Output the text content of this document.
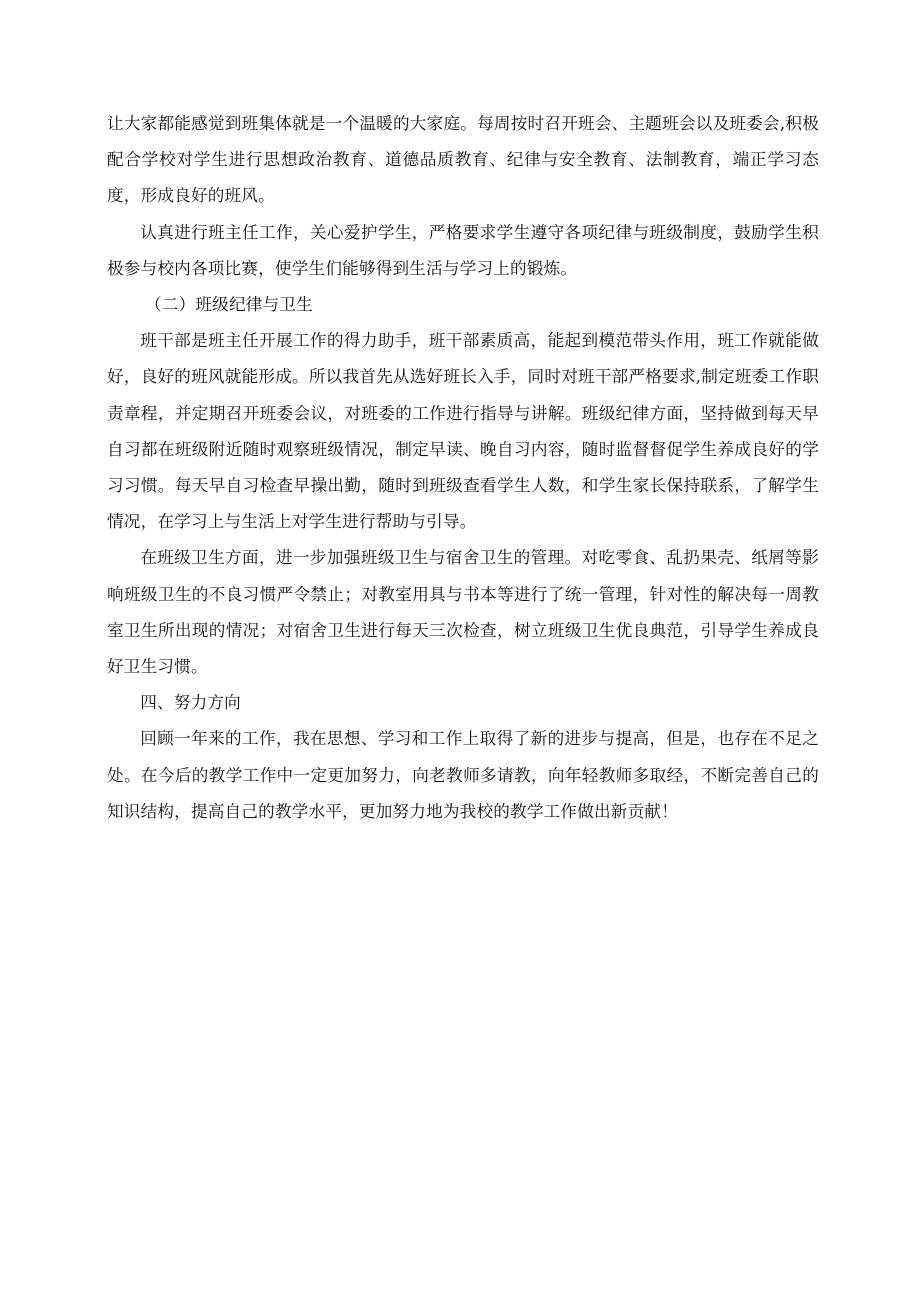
让大家都能感觉到班集体就是一个温暖的大家庭。每周按时召开班会、主题班会以及班委会,积极配合学校对学生进行思想政治教育、道德品质教育、纪律与安全教育、法制教育，端正学习态度，形成良好的班风。

认真进行班主任工作，关心爱护学生，严格要求学生遵守各项纪律与班级制度，鼓励学生积极参与校内各项比赛，使学生们能够得到生活与学习上的锻炼。

（二）班级纪律与卫生

班干部是班主任开展工作的得力助手，班干部素质高，能起到模范带头作用，班工作就能做好，良好的班风就能形成。所以我首先从选好班长入手，同时对班干部严格要求,制定班委工作职责章程，并定期召开班委会议，对班委的工作进行指导与讲解。班级纪律方面，坚持做到每天早自习都在班级附近随时观察班级情况，制定早读、晚自习内容，随时监督督促学生养成良好的学习习惯。每天早自习检查早操出勤，随时到班级查看学生人数，和学生家长保持联系，了解学生情况，在学习上与生活上对学生进行帮助与引导。

在班级卫生方面，进一步加强班级卫生与宿舍卫生的管理。对吃零食、乱扔果壳、纸屑等影响班级卫生的不良习惯严令禁止；对教室用具与书本等进行了统一管理，针对性的解决每一周教室卫生所出现的情况；对宿舍卫生进行每天三次检查，树立班级卫生优良典范，引导学生养成良好卫生习惯。

四、努力方向

回顾一年来的工作，我在思想、学习和工作上取得了新的进步与提高，但是，也存在不足之处。在今后的教学工作中一定更加努力，向老教师多请教，向年轻教师多取经，不断完善自己的知识结构，提高自己的教学水平，更加努力地为我校的教学工作做出新贡献！
